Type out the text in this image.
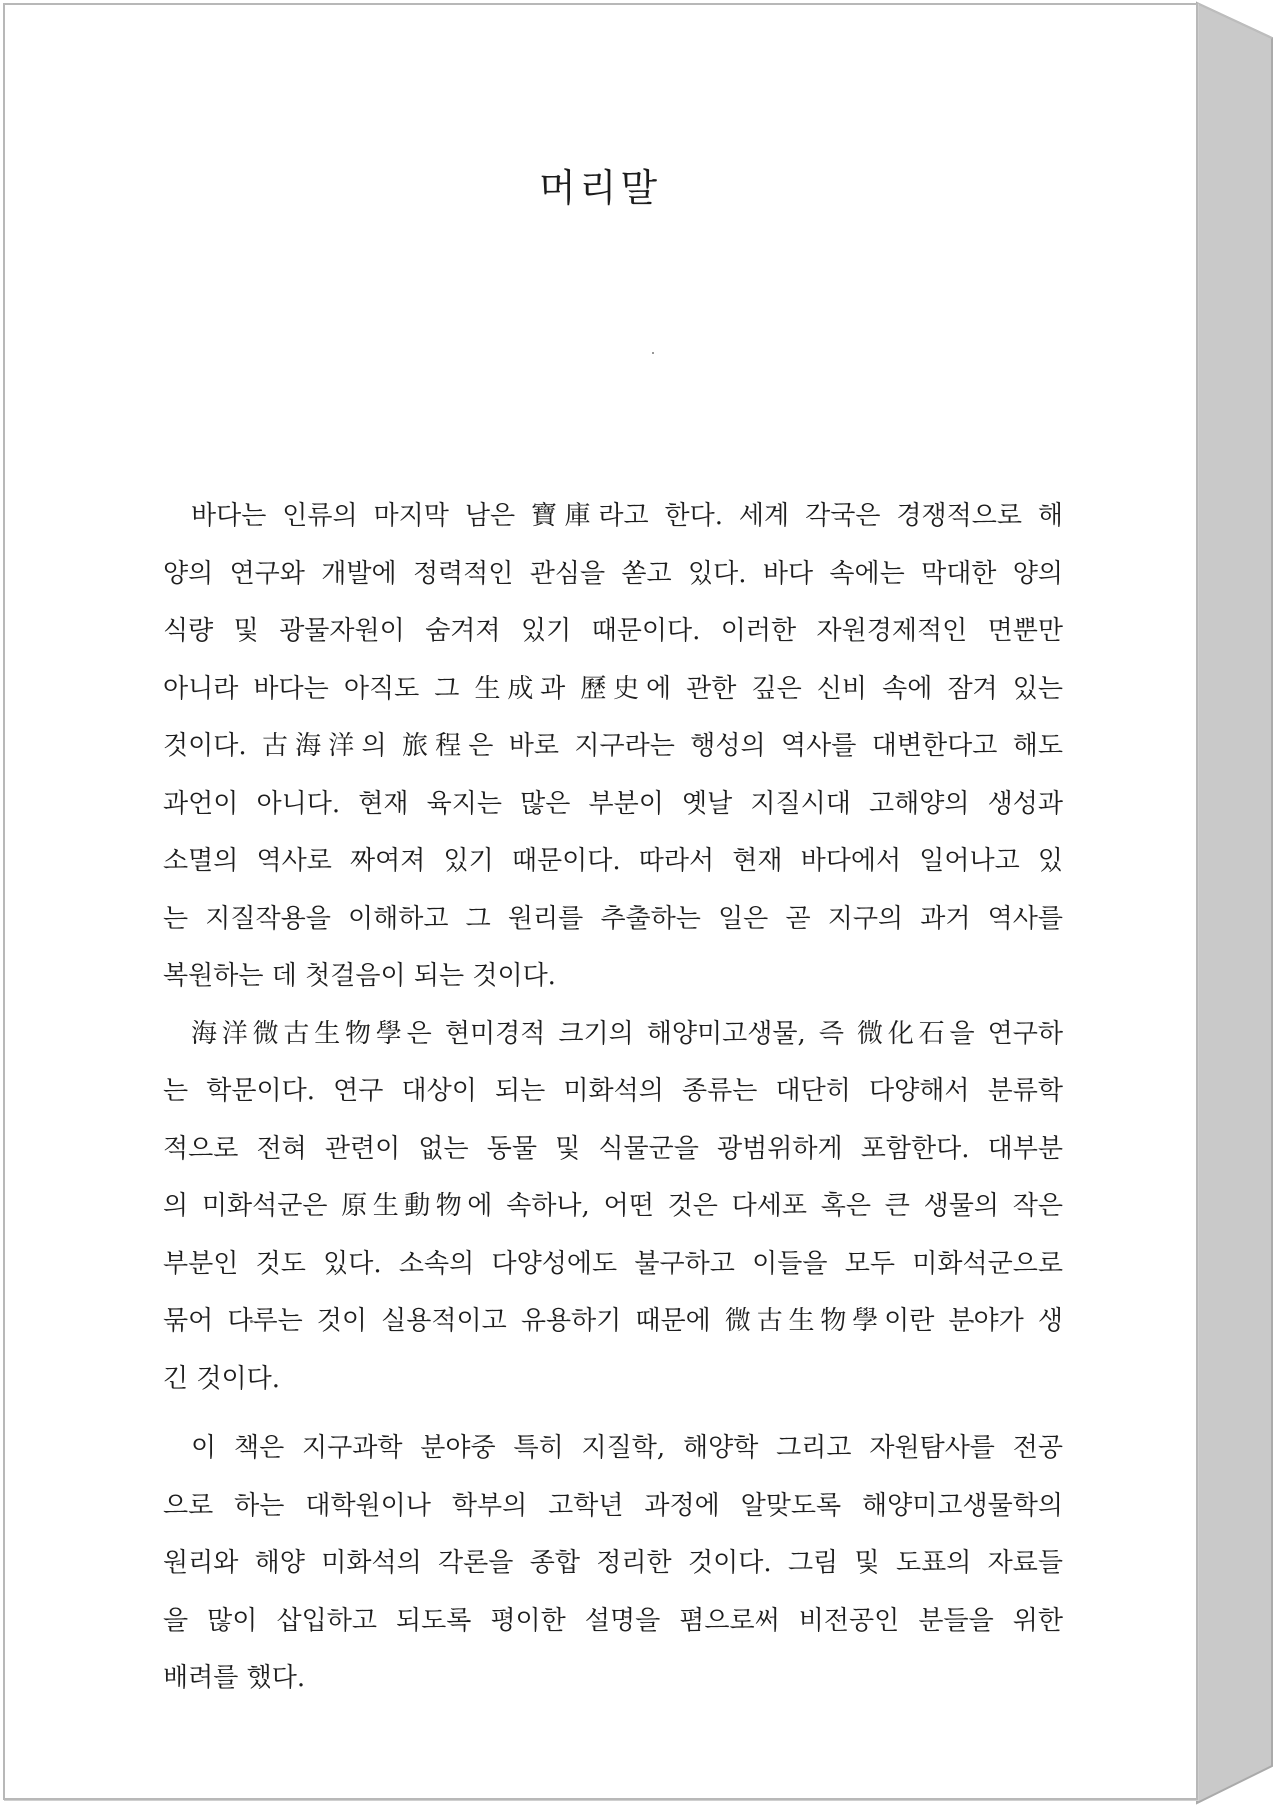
머리말
바다는 인류의 마지막 남은 寶庫라고 한다. 세계 각국은 경쟁적으로 해
양의 연구와 개발에 정력적인 관심을 쏟고 있다. 바다 속에는 막대한 양의
식량 및 광물자원이 숨겨져 있기 때문이다. 이러한 자원경제적인 면뿐만
아니라 바다는 아직도 그 生成과 歷史에 관한 깊은 신비 속에 잠겨 있는
것이다. 古海洋의 旅程은 바로 지구라는 행성의 역사를 대변한다고 해도
과언이 아니다. 현재 육지는 많은 부분이 옛날 지질시대 고해양의 생성과
소멸의 역사로 짜여져 있기 때문이다. 따라서 현재 바다에서 일어나고 있
는 지질작용을 이해하고 그 원리를 추출하는 일은 곧 지구의 과거 역사를
복원하는 데 첫걸음이 되는 것이다.
海洋微古生物學은 현미경적 크기의 해양미고생물, 즉 微化石을 연구하
는 학문이다. 연구 대상이 되는 미화석의 종류는 대단히 다양해서 분류학
적으로 전혀 관련이 없는 동물 및 식물군을 광범위하게 포함한다. 대부분
의 미화석군은 原生動物에 속하나, 어떤 것은 다세포 혹은 큰 생물의 작은
부분인 것도 있다. 소속의 다양성에도 불구하고 이들을 모두 미화석군으로
묶어 다루는 것이 실용적이고 유용하기 때문에 微古生物學이란 분야가 생
긴 것이다.
이 책은 지구과학 분야중 특히 지질학, 해양학 그리고 자원탐사를 전공
으로 하는 대학원이나 학부의 고학년 과정에 알맞도록 해양미고생물학의
원리와 해양 미화석의 각론을 종합 정리한 것이다. 그림 및 도표의 자료들
을 많이 삽입하고 되도록 평이한 설명을 폄으로써 비전공인 분들을 위한
배려를 했다.
